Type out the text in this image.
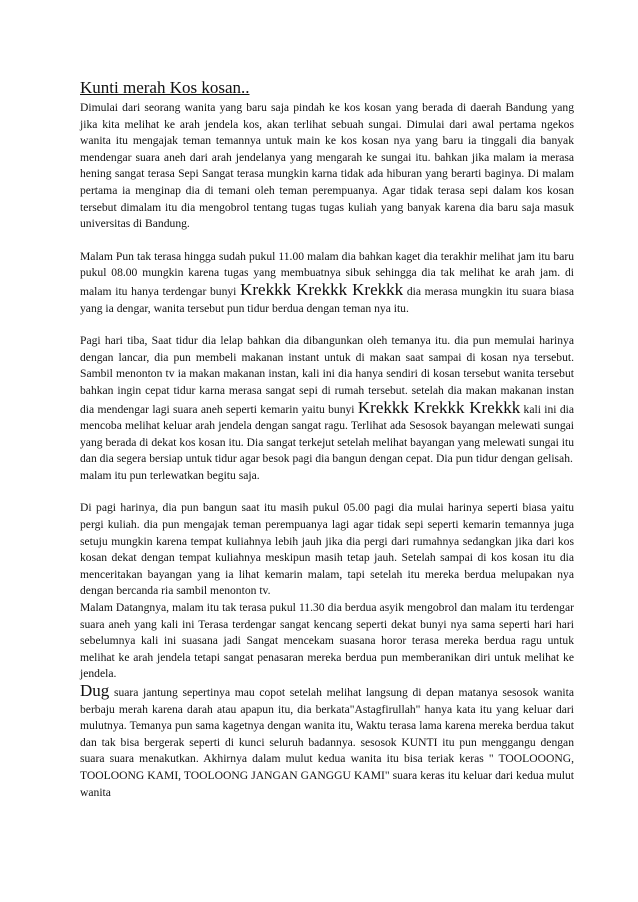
Kunti merah Kos kosan..

Dimulai dari seorang wanita yang baru saja pindah ke kos kosan yang berada di daerah Bandung yang jika kita melihat ke arah jendela kos, akan terlihat sebuah sungai. Dimulai dari awal pertama ngekos wanita itu mengajak teman temannya untuk main ke kos kosan nya yang baru ia tinggali dia banyak mendengar suara aneh dari arah jendelanya yang mengarah ke sungai itu. bahkan jika malam ia merasa hening sangat terasa Sepi Sangat terasa mungkin karna tidak ada hiburan yang berarti baginya. Di malam pertama ia menginap dia di temani oleh teman perempuanya. Agar tidak terasa sepi dalam kos kosan tersebut dimalam itu dia mengobrol tentang tugas tugas kuliah yang banyak karena dia baru saja masuk universitas di Bandung.

Malam Pun tak terasa hingga sudah pukul 11.00 malam dia bahkan kaget dia terakhir melihat jam itu baru pukul 08.00 mungkin karena tugas yang membuatnya sibuk sehingga dia tak melihat ke arah jam. di malam itu hanya terdengar bunyi Krekkk Krekkk Krekkk dia merasa mungkin itu suara biasa yang ia dengar, wanita tersebut pun tidur berdua dengan teman nya itu.

Pagi hari tiba, Saat tidur dia lelap bahkan dia dibangunkan oleh temanya itu. dia pun memulai harinya dengan lancar, dia pun membeli makanan instant untuk di makan saat sampai di kosan nya tersebut. Sambil menonton tv ia makan makanan instan, kali ini dia hanya sendiri di kosan tersebut wanita tersebut bahkan ingin cepat tidur karna merasa sangat sepi di rumah tersebut. setelah dia makan makanan instan dia mendengar lagi suara aneh seperti kemarin yaitu bunyi Krekkk Krekkk Krekkk kali ini dia mencoba melihat keluar arah jendela dengan sangat ragu. Terlihat ada Sesosok bayangan melewati sungai yang berada di dekat kos kosan itu. Dia sangat terkejut setelah melihat bayangan yang melewati sungai itu dan dia segera bersiap untuk tidur agar besok pagi dia bangun dengan cepat. Dia pun tidur dengan gelisah.

malam itu pun terlewatkan begitu saja.

Di pagi harinya, dia pun bangun saat itu masih pukul 05.00 pagi dia mulai harinya seperti biasa yaitu pergi kuliah. dia pun mengajak teman perempuanya lagi agar tidak sepi seperti kemarin temannya juga setuju mungkin karena tempat kuliahnya lebih jauh jika dia pergi dari rumahnya sedangkan jika dari kos kosan dekat dengan tempat kuliahnya meskipun masih tetap jauh. Setelah sampai di kos kosan itu dia menceritakan bayangan yang ia lihat kemarin malam, tapi setelah itu mereka berdua melupakan nya dengan bercanda ria sambil menonton tv.

Malam Datangnya, malam itu tak terasa pukul 11.30 dia berdua asyik mengobrol dan malam itu terdengar suara aneh yang kali ini Terasa terdengar sangat kencang seperti dekat bunyi nya sama seperti hari hari sebelumnya kali ini suasana jadi Sangat mencekam suasana horor terasa mereka berdua ragu untuk melihat ke arah jendela tetapi sangat penasaran mereka berdua pun memberanikan diri untuk melihat ke jendela.

Dug suara jantung sepertinya mau copot setelah melihat langsung di depan matanya sesosok wanita berbaju merah karena darah atau apapun itu, dia berkata"Astagfirullah" hanya kata itu yang keluar dari mulutnya. Temanya pun sama kagetnya dengan wanita itu, Waktu terasa lama karena mereka berdua takut dan tak bisa bergerak seperti di kunci seluruh badannya. sesosok KUNTI itu pun menggangu dengan suara suara menakutkan. Akhirnya dalam mulut kedua wanita itu bisa teriak keras " TOOLOOONG, TOOLOONG KAMI, TOOLOONG JANGAN GANGGU KAMI" suara keras itu keluar dari kedua mulut wanita
